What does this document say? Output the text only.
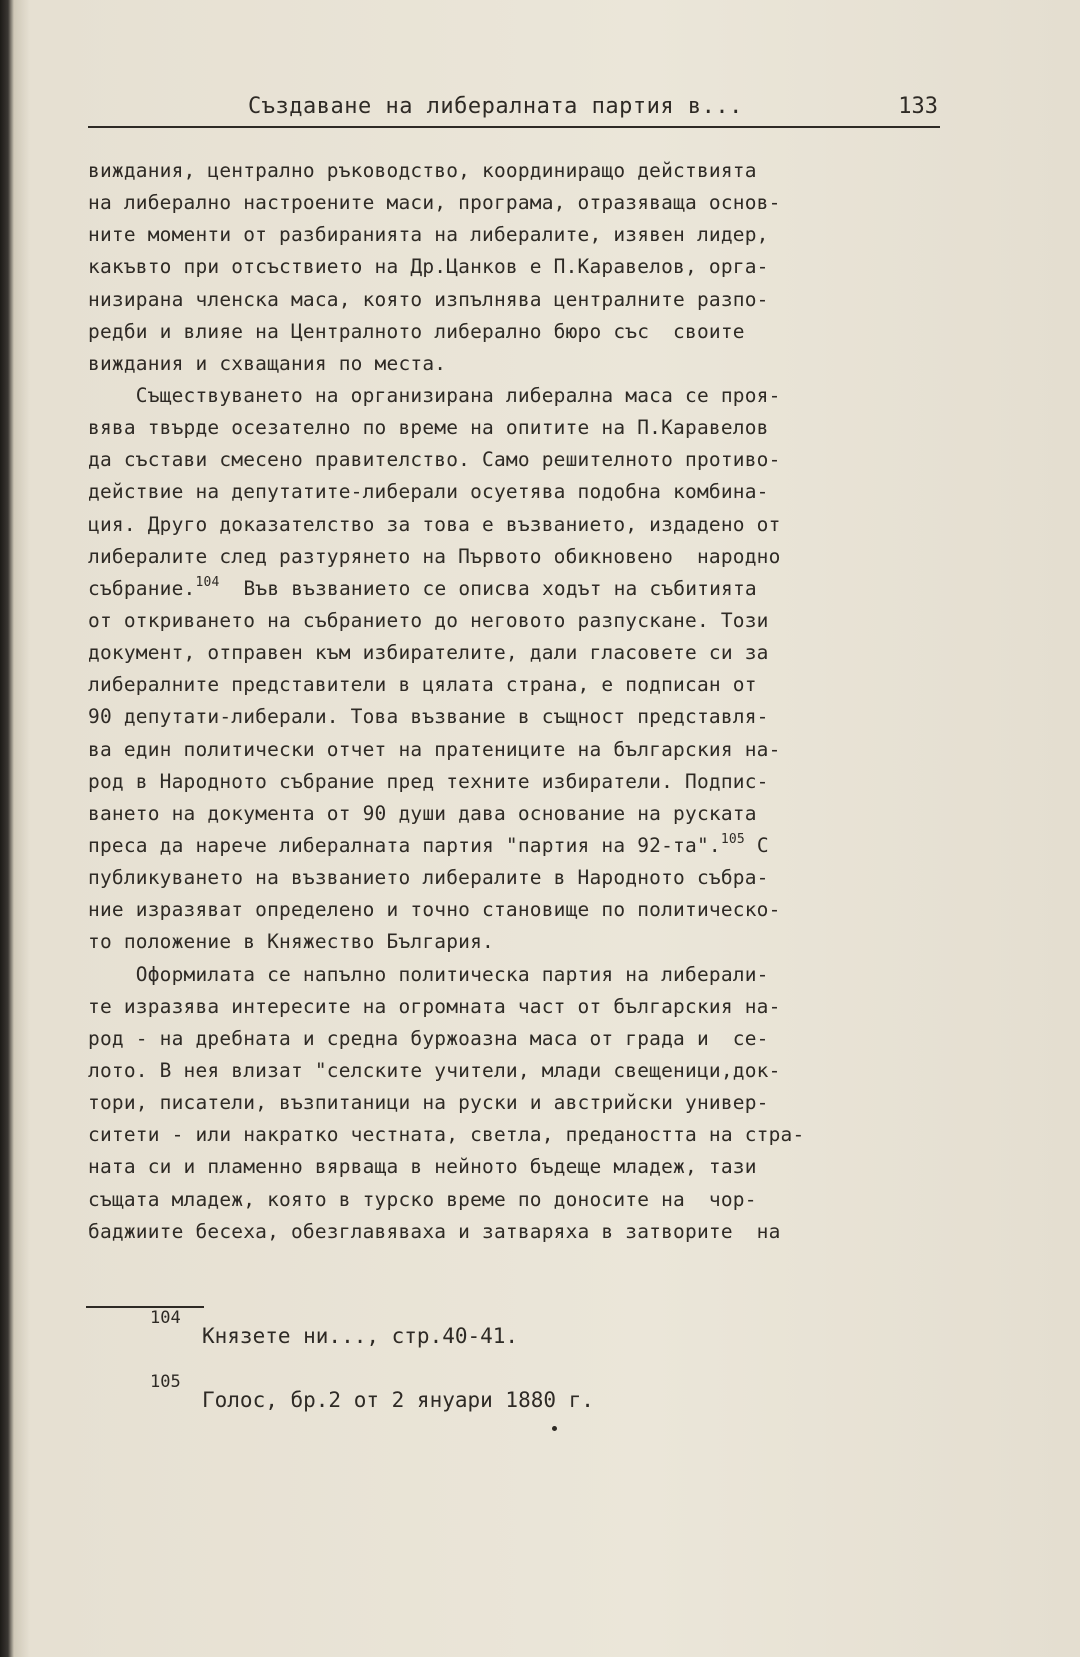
Създаване на либералната партия в...	133
виждания, централно ръководство, координиращо действията
на либерално настроените маси, програма, отразяваща основ-
ните моменти от разбиранията на либералите, изявен лидер,
какъвто при отсъствието на Др.Цанков е П.Каравелов, орга-
низирана членска маса, която изпълнява централните разпо-
редби и влияе на Централното либерално бюро със  своите
виждания и схващания по места.
Съществуването на организирана либерална маса се проя-
вява твърде осезателно по време на опитите на П.Каравелов
да състави смесено правителство. Само решителното противо-
действие на депутатите-либерали осуетява подобна комбина-
ция. Друго доказателство за това е възванието, издадено от
либералите след разтурянето на Първото обикновено  народно
събрание.$^{104}$  Във възванието се описва ходът на събитията
от откриването на събранието до неговото разпускане. Този
документ, отправен към избирателите, дали гласовете си за
либералните представители в цялата страна, е подписан от
90 депутати-либерали. Това възвание в същност представля-
ва един политически отчет на пратениците на българския на-
род в Народното събрание пред техните избиратели. Подпис-
ването на документа от 90 души дава основание на руската
преса да нарече либералната партия "партия на 92-та".$^{105}$ С
публикуването на възванието либералите в Народното събра-
ние изразяват определено и точно становище по политическо-
то положение в Княжество България.
Оформилата се напълно политическа партия на либерали-
те изразява интересите на огромната част от българския на-
род - на дребната и средна буржоазна маса от града и  се-
лото. В нея влизат "селските учители, млади свещеници,док-
тори, писатели, възпитаници на руски и австрийски универ-
ситети - или накратко честната, светла, предаността на стра-
ната си и пламенно вярваща в нейното бъдеще младеж, тази
същата младеж, която в турско време по доносите на  чор-
баджиите бесеха, обезглавяваха и затваряха в затворите  на
104
Князете ни..., стр.40-41.
105
Голос, бр.2 от 2 януари 1880 г.
